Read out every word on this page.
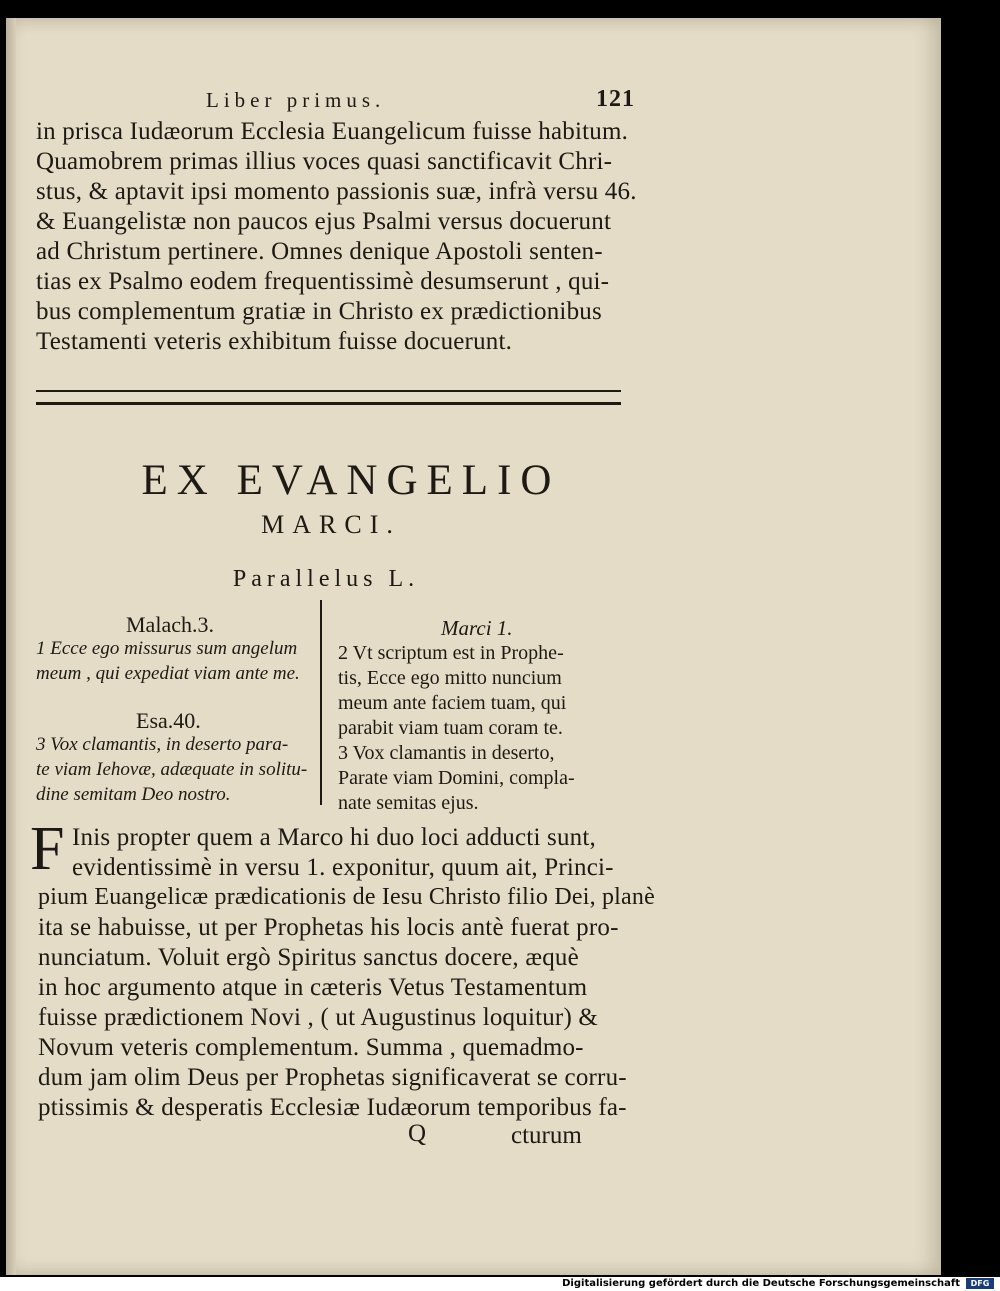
Liber primus.	121
in prisca Iudæorum Ecclesia Euangelicum fuisse habitum.
Quamobrem primas illius voces quasi sanctificavit Chri-
stus, & aptavit ipsi momento passionis suæ, infrà versu 46.
& Euangelistæ non paucos ejus Psalmi versus docuerunt
ad Christum pertinere. Omnes denique Apostoli senten-
tias ex Psalmo eodem frequentissimè desumserunt , qui-
bus complementum gratiæ in Christo ex prædictionibus
Testamenti veteris exhibitum fuisse docuerunt.
EX EVANGELIO
MARCI.
Parallelus L.
Malach.3.
1 Ecce ego missurus sum angelum
meum , qui expediat viam ante me.
Esa.40.
3 Vox clamantis, in deserto para-
te viam Iehovæ, adæquate in solitu-
dine semitam Deo nostro.
Marci 1.
2 Vt scriptum est in Prophe-
tis, Ecce ego mitto nuncium
meum ante faciem tuam, qui
parabit viam tuam coram te.
3 Vox clamantis in deserto,
Parate viam Domini, compla-
nate semitas ejus.
F Inis propter quem a Marco hi duo loci adducti sunt,
evidentissimè in versu 1. exponitur, quum ait, Princi-
pium Euangelicæ prædicationis de Iesu Christo filio Dei, planè
ita se habuisse, ut per Prophetas his locis antè fuerat pro-
nunciatum. Voluit ergò Spiritus sanctus docere, æquè
in hoc argumento atque in cæteris Vetus Testamentum
fuisse prædictionem Novi , ( ut Augustinus loquitur) &
Novum veteris complementum. Summa , quemadmo-
dum jam olim Deus per Prophetas significaverat se corru-
ptissimis & desperatis Ecclesiæ Iudæorum temporibus fa-
Q	cturum
Digitalisierung gefördert durch die Deutsche Forschungsgemeinschaft	DFG
